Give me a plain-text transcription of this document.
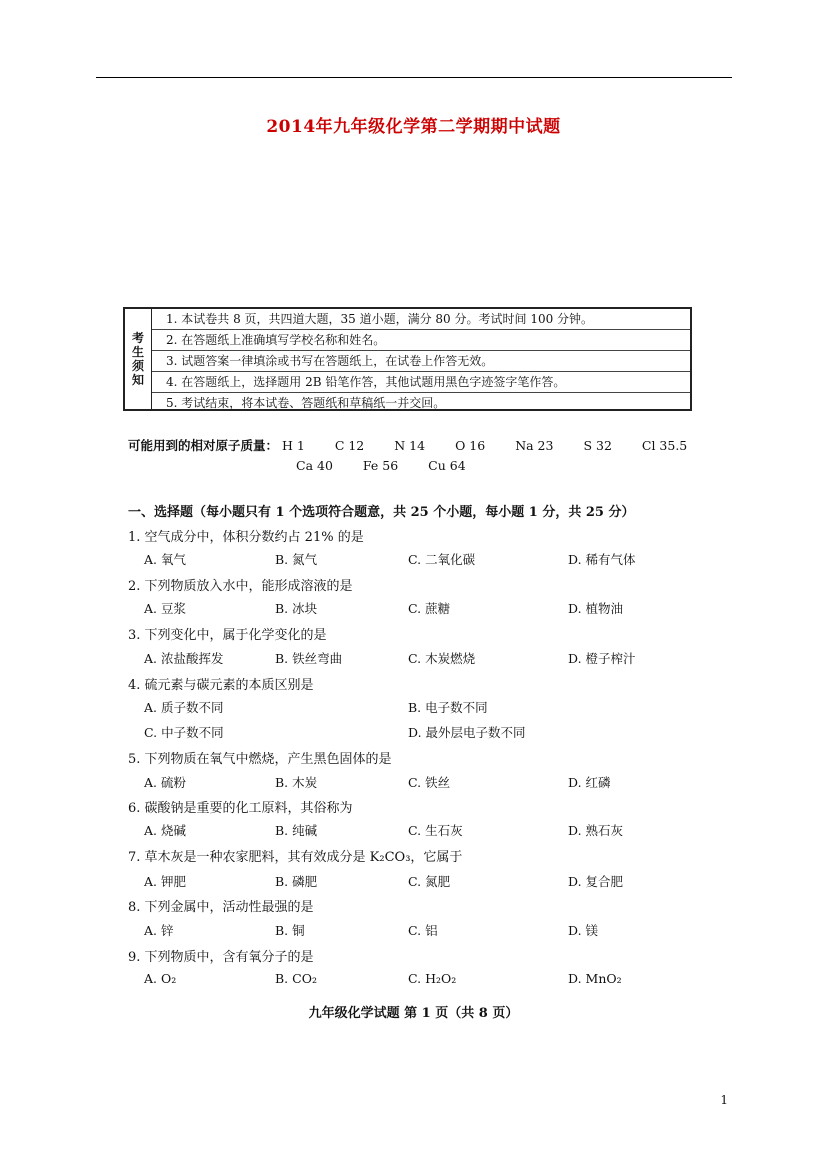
2014年九年级化学第二学期期中试题
考
生
须
知
1. 本试卷共 8 页，共四道大题，35 道小题，满分 80 分。考试时间 100 分钟。
2. 在答题纸上准确填写学校名称和姓名。
3. 试题答案一律填涂或书写在答题纸上，在试卷上作答无效。
4. 在答题纸上，选择题用 2B 铅笔作答，其他试题用黑色字迹签字笔作答。
5. 考试结束，将本试卷、答题纸和草稿纸一并交回。
可能用到的相对原子质量： H 1 C 12 N 14 O 16 Na 23 S 32 Cl 35.5
Ca 40 Fe 56 Cu 64
一、选择题（每小题只有 1 个选项符合题意，共 25 个小题，每小题 1 分，共 25 分）
1. 空气成分中，体积分数约占 21% 的是
A. 氧气	B. 氮气	C. 二氧化碳	D. 稀有气体
2. 下列物质放入水中，能形成溶液的是
A. 豆浆	B. 冰块	C. 蔗糖	D. 植物油
3. 下列变化中，属于化学变化的是
A. 浓盐酸挥发	B. 铁丝弯曲	C. 木炭燃烧	D. 橙子榨汁
4. 硫元素与碳元素的本质区别是
A. 质子数不同	B. 电子数不同
C. 中子数不同	D. 最外层电子数不同
5. 下列物质在氧气中燃烧，产生黑色固体的是
A. 硫粉	B. 木炭	C. 铁丝	D. 红磷
6. 碳酸钠是重要的化工原料，其俗称为
A. 烧碱	B. 纯碱	C. 生石灰	D. 熟石灰
7. 草木灰是一种农家肥料，其有效成分是 K₂CO₃，它属于
A. 钾肥	B. 磷肥	C. 氮肥	D. 复合肥
8. 下列金属中，活动性最强的是
A. 锌	B. 铜	C. 铝	D. 镁
9. 下列物质中，含有氧分子的是
A. O₂	B. CO₂	C. H₂O₂	D. MnO₂
九年级化学试题 第 1 页（共 8 页）
1
